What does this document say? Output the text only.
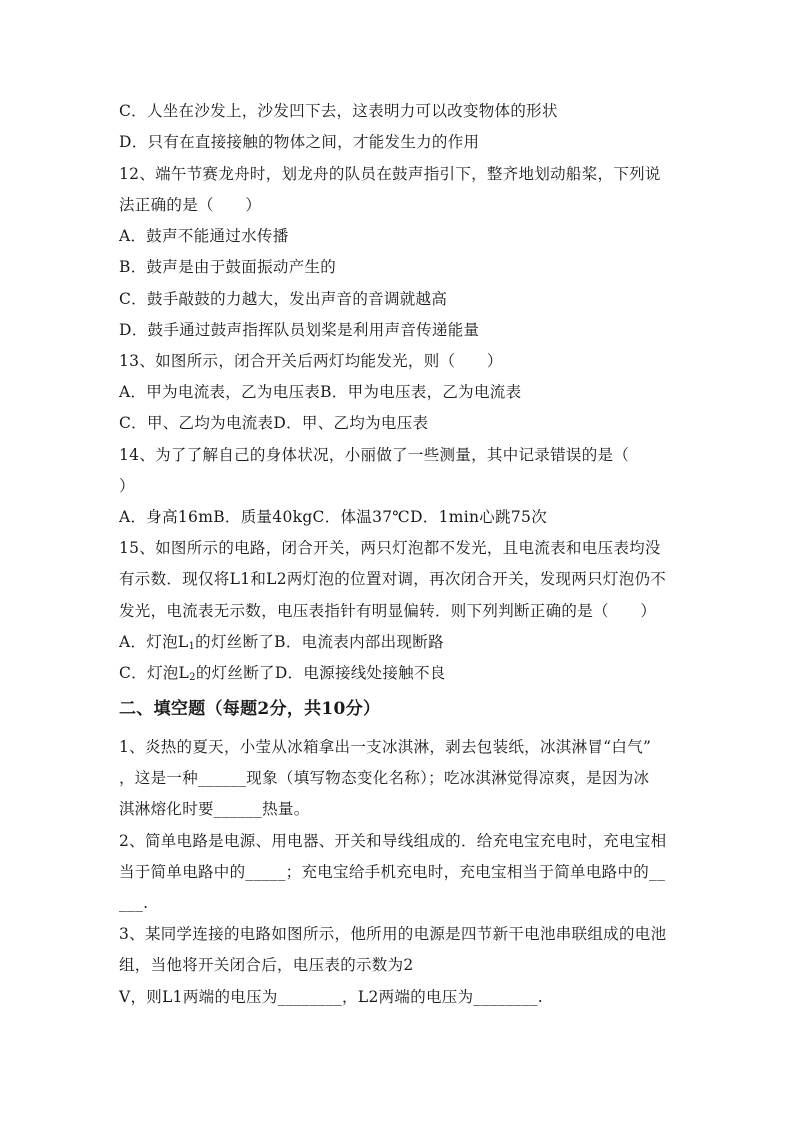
C．人坐在沙发上，沙发凹下去，这表明力可以改变物体的形状
D．只有在直接接触的物体之间，才能发生力的作用
12、端午节赛龙舟时，划龙舟的队员在鼓声指引下，整齐地划动船桨，下列说
法正确的是（　　）
A．鼓声不能通过水传播
B．鼓声是由于鼓面振动产生的
C．鼓手敲鼓的力越大，发出声音的音调就越高
D．鼓手通过鼓声指挥队员划桨是利用声音传递能量
13、如图所示，闭合开关后两灯均能发光，则（　　）
A．甲为电流表，乙为电压表B．甲为电压表，乙为电流表
C．甲、乙均为电流表D．甲、乙均为电压表
14、为了了解自己的身体状况，小丽做了一些测量，其中记录错误的是（
）
A．身高16mB．质量40kgC．体温37℃D．1min心跳75次
15、如图所示的电路，闭合开关，两只灯泡都不发光，且电流表和电压表均没
有示数．现仅将L1和L2两灯泡的位置对调，再次闭合开关，发现两只灯泡仍不
发光，电流表无示数，电压表指针有明显偏转．则下列判断正确的是（　　）
A．灯泡$L_1$的灯丝断了B．电流表内部出现断路
C．灯泡$L_2$的灯丝断了D．电源接线处接触不良
二、填空题（每题2分，共10分）
1、炎热的夏天，小莹从冰箱拿出一支冰淇淋，剥去包装纸，冰淇淋冒“白气”
，这是一种______现象（填写物态变化名称）；吃冰淇淋觉得凉爽，是因为冰
淇淋熔化时要______热量。
2、简单电路是电源、用电器、开关和导线组成的．给充电宝充电时，充电宝相
当于简单电路中的_____；充电宝给手机充电时，充电宝相当于简单电路中的__
___.
3、某同学连接的电路如图所示，他所用的电源是四节新干电池串联组成的电池
组，当他将开关闭合后，电压表的示数为2
V，则L1两端的电压为________，L2两端的电压为________.
